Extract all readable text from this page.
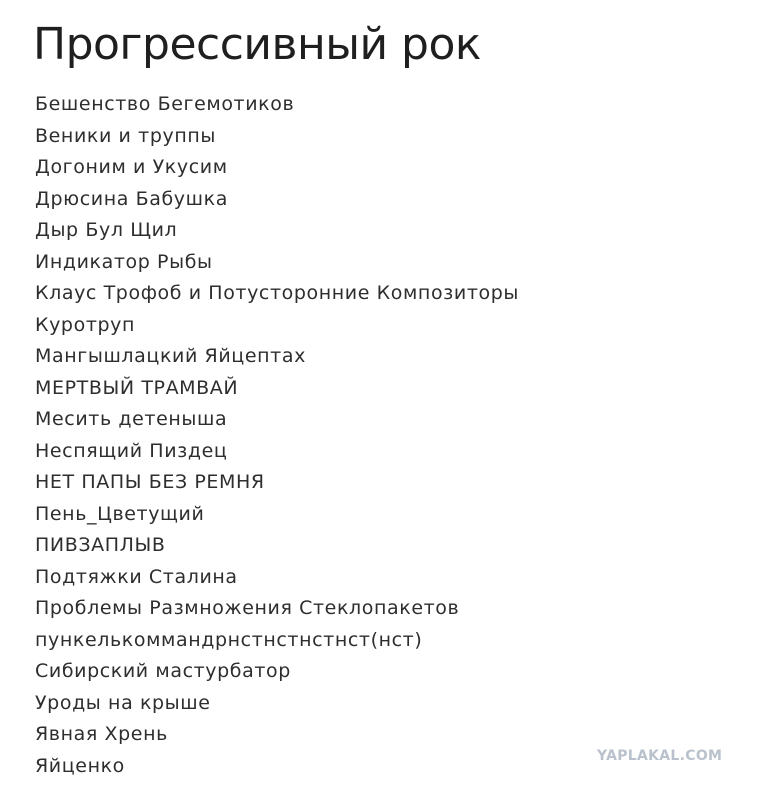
Прогрессивный рок
Бешенство Бегемотиков
Веники и труппы
Догоним и Укусим
Дрюсина Бабушка
Дыр Бул Щил
Индикатор Рыбы
Клаус Трофоб и Потусторонние Композиторы
Куротруп
Мангышлацкий Яйцептах
МЕРТВЫЙ ТРАМВАЙ
Месить детеныша
Неспящий Пиздец
НЕТ ПАПЫ БЕЗ РЕМНЯ
Пень_Цветущий
ПИВЗАПЛЫВ
Подтяжки Сталина
Проблемы Размножения Стеклопакетов
пункелькоммандрнстнстнстнст(нст)
Сибирский мастурбатор
Уроды на крыше
Явная Хрень
Яйценко	YAPLAKAL.COM
